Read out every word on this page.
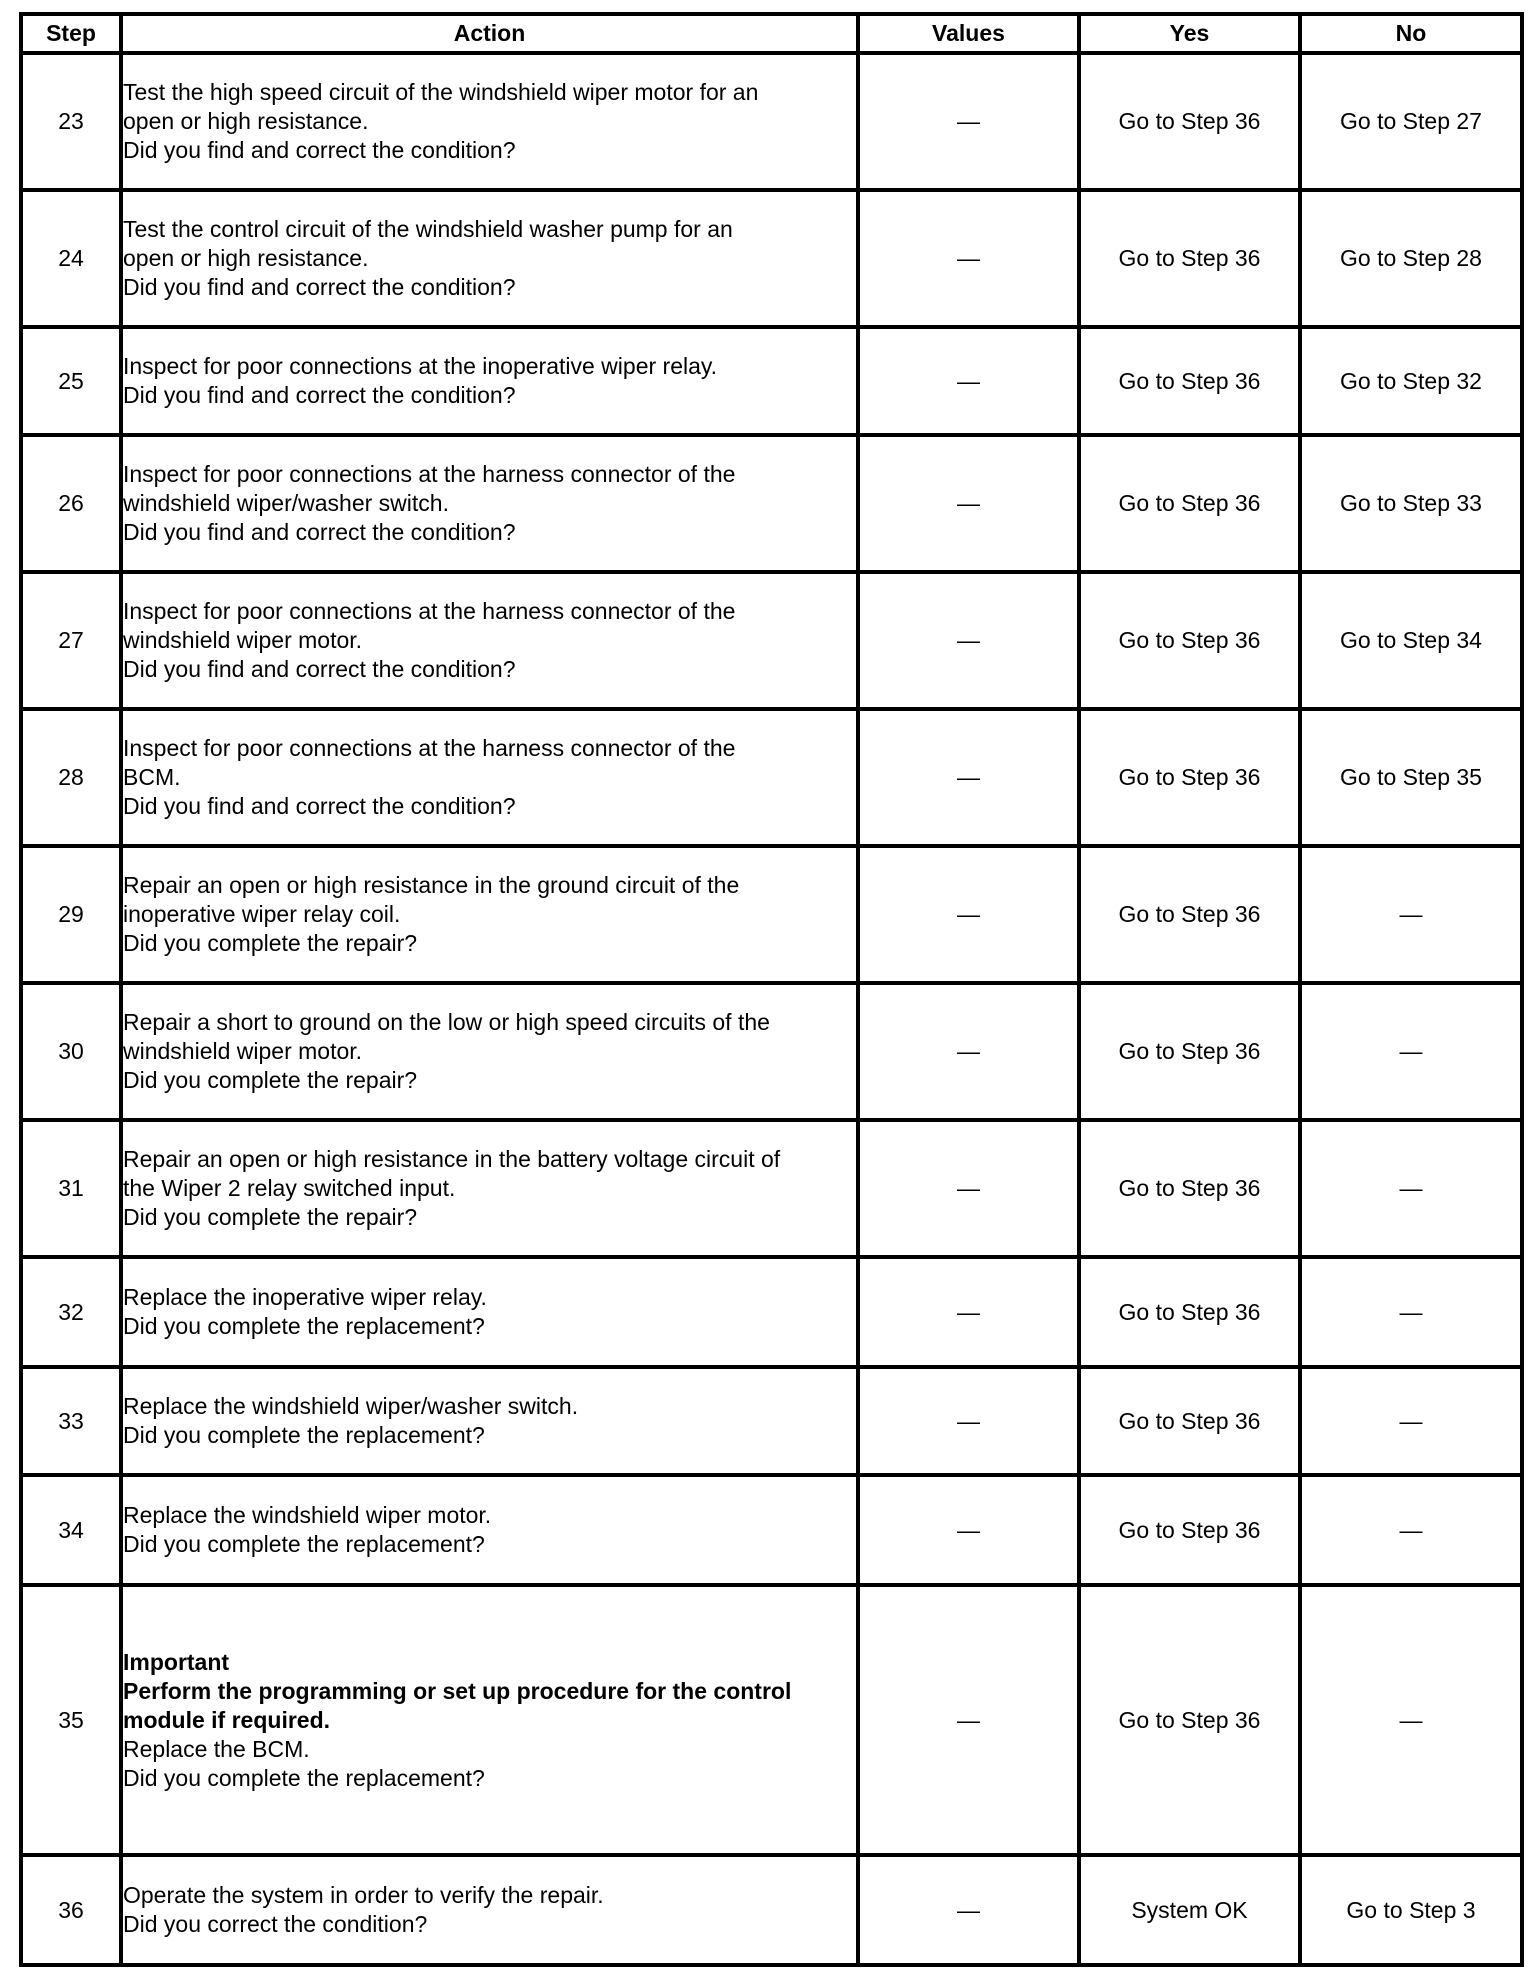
Step	Action	Values	Yes	No
23	Test the high speed circuit of the windshield wiper motor for an
open or high resistance.
Did you find and correct the condition?	—	Go to Step 36	Go to Step 27
24	Test the control circuit of the windshield washer pump for an
open or high resistance.
Did you find and correct the condition?	—	Go to Step 36	Go to Step 28
25	Inspect for poor connections at the inoperative wiper relay.
Did you find and correct the condition?	—	Go to Step 36	Go to Step 32
26	Inspect for poor connections at the harness connector of the
windshield wiper/washer switch.
Did you find and correct the condition?	—	Go to Step 36	Go to Step 33
27	Inspect for poor connections at the harness connector of the
windshield wiper motor.
Did you find and correct the condition?	—	Go to Step 36	Go to Step 34
28	Inspect for poor connections at the harness connector of the
BCM.
Did you find and correct the condition?	—	Go to Step 36	Go to Step 35
29	Repair an open or high resistance in the ground circuit of the
inoperative wiper relay coil.
Did you complete the repair?	—	Go to Step 36	—
30	Repair a short to ground on the low or high speed circuits of the
windshield wiper motor.
Did you complete the repair?	—	Go to Step 36	—
31	Repair an open or high resistance in the battery voltage circuit of
the Wiper 2 relay switched input.
Did you complete the repair?	—	Go to Step 36	—
32	Replace the inoperative wiper relay.
Did you complete the replacement?	—	Go to Step 36	—
33	Replace the windshield wiper/washer switch.
Did you complete the replacement?	—	Go to Step 36	—
34	Replace the windshield wiper motor.
Did you complete the replacement?	—	Go to Step 36	—
35	Important
Perform the programming or set up procedure for the control
module if required.
Replace the BCM.
Did you complete the replacement?	—	Go to Step 36	—
36	Operate the system in order to verify the repair.
Did you correct the condition?	—	System OK	Go to Step 3
